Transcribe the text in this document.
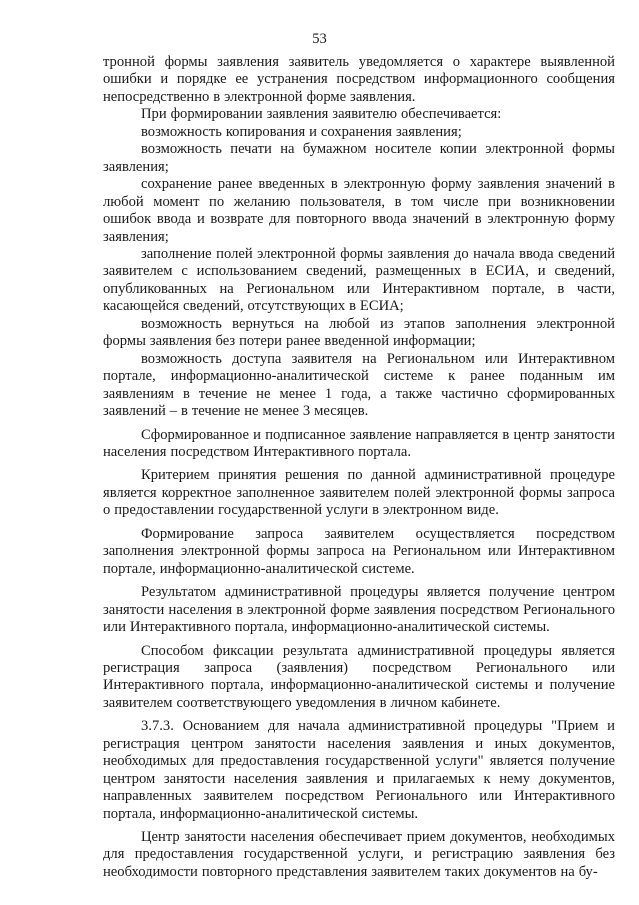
53

тронной формы заявления заявитель уведомляется о характере выявленной ошибки и порядке ее устранения посредством информационного сообщения непосредственно в электронной форме заявления.

При формировании заявления заявителю обеспечивается:

возможность копирования и сохранения заявления;

возможность печати на бумажном носителе копии электронной формы заявления;

сохранение ранее введенных в электронную форму заявления значений в любой момент по желанию пользователя, в том числе при возникновении ошибок ввода и возврате для повторного ввода значений в электронную форму заявления;

заполнение полей электронной формы заявления до начала ввода сведений заявителем с использованием сведений, размещенных в ЕСИА, и сведений, опубликованных на Региональном или Интерактивном портале, в части, касающейся сведений, отсутствующих в ЕСИА;

возможность вернуться на любой из этапов заполнения электронной формы заявления без потери ранее введенной информации;

возможность доступа заявителя на Региональном или Интерактивном портале, информационно-аналитической системе к ранее поданным им заявлениям в течение не менее 1 года, а также частично сформированных заявлений – в течение не менее 3 месяцев.

Сформированное и подписанное заявление направляется в центр занятости населения посредством Интерактивного портала.

Критерием принятия решения по данной административной процедуре является корректное заполненное заявителем полей электронной формы запроса о предоставлении государственной услуги в электронном виде.

Формирование запроса заявителем осуществляется посредством заполнения электронной формы запроса на Региональном или Интерактивном портале, информационно-аналитической системе.

Результатом административной процедуры является получение центром занятости населения в электронной форме заявления посредством Регионального или Интерактивного портала, информационно-аналитической системы.

Способом фиксации результата административной процедуры является регистрация запроса (заявления) посредством Регионального или Интерактивного портала, информационно-аналитической системы и получение заявителем соответствующего уведомления в личном кабинете.

3.7.3. Основанием для начала административной процедуры "Прием и регистрация центром занятости населения заявления и иных документов, необходимых для предоставления государственной услуги" является получение центром занятости населения заявления и прилагаемых к нему документов, направленных заявителем посредством Регионального или Интерактивного портала, информационно-аналитической системы.

Центр занятости населения обеспечивает прием документов, необходимых для предоставления государственной услуги, и регистрацию заявления без необходимости повторного представления заявителем таких документов на бу-
